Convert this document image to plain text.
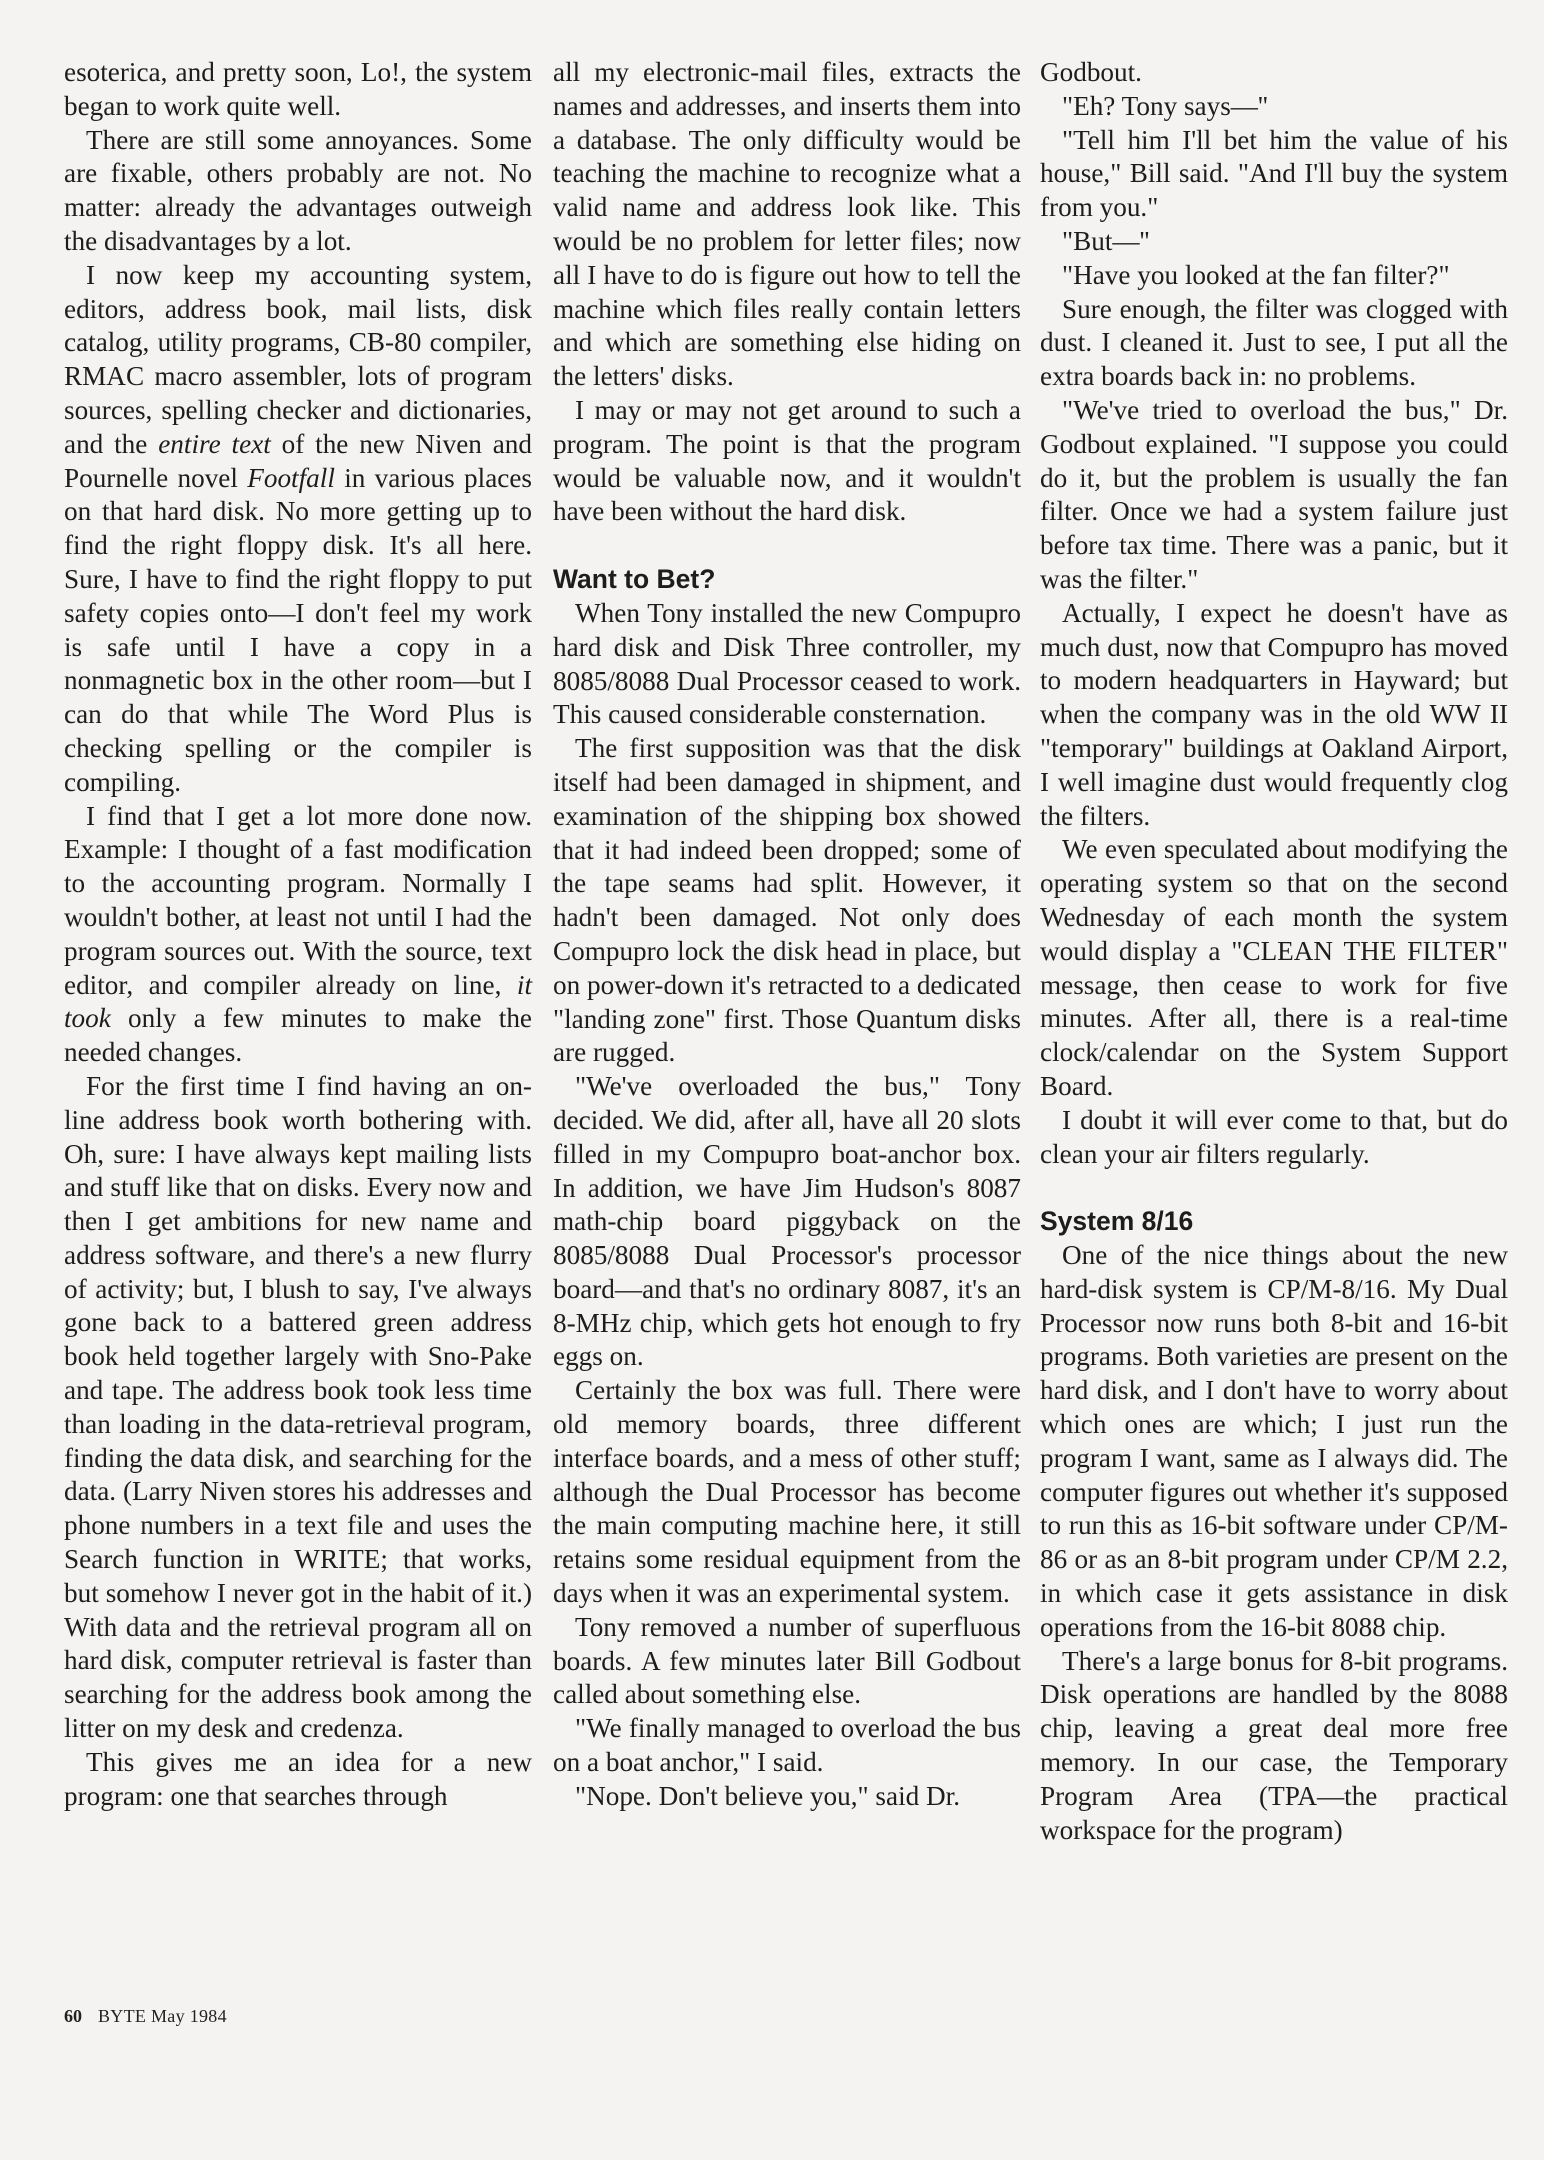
esoterica, and pretty soon, Lo!, the system began to work quite well.

There are still some annoyances. Some are fixable, others probably are not. No matter: already the advantages outweigh the disadvantages by a lot.

I now keep my accounting system, editors, address book, mail lists, disk catalog, utility programs, CB-80 compiler, RMAC macro assembler, lots of program sources, spelling checker and dictionaries, and the entire text of the new Niven and Pournelle novel Footfall in various places on that hard disk. No more getting up to find the right floppy disk. It's all here. Sure, I have to find the right floppy to put safety copies onto—I don't feel my work is safe until I have a copy in a nonmagnetic box in the other room—but I can do that while The Word Plus is checking spelling or the compiler is compiling.

I find that I get a lot more done now. Example: I thought of a fast modification to the accounting program. Normally I wouldn't bother, at least not until I had the program sources out. With the source, text editor, and compiler already on line, it took only a few minutes to make the needed changes.

For the first time I find having an on-line address book worth bothering with. Oh, sure: I have always kept mailing lists and stuff like that on disks. Every now and then I get ambitions for new name and address software, and there's a new flurry of activity; but, I blush to say, I've always gone back to a battered green address book held together largely with Sno-Pake and tape. The address book took less time than loading in the data-retrieval program, finding the data disk, and searching for the data. (Larry Niven stores his addresses and phone numbers in a text file and uses the Search function in WRITE; that works, but somehow I never got in the habit of it.) With data and the retrieval program all on hard disk, computer retrieval is faster than searching for the address book among the litter on my desk and credenza.

This gives me an idea for a new program: one that searches through

all my electronic-mail files, extracts the names and addresses, and inserts them into a database. The only difficulty would be teaching the machine to recognize what a valid name and address look like. This would be no problem for letter files; now all I have to do is figure out how to tell the machine which files really contain letters and which are something else hiding on the letters' disks.

I may or may not get around to such a program. The point is that the program would be valuable now, and it wouldn't have been without the hard disk.

Want to Bet?

When Tony installed the new Compupro hard disk and Disk Three controller, my 8085/8088 Dual Processor ceased to work. This caused considerable consternation.

The first supposition was that the disk itself had been damaged in shipment, and examination of the shipping box showed that it had indeed been dropped; some of the tape seams had split. However, it hadn't been damaged. Not only does Compupro lock the disk head in place, but on power-down it's retracted to a dedicated "landing zone" first. Those Quantum disks are rugged.

"We've overloaded the bus," Tony decided. We did, after all, have all 20 slots filled in my Compupro boat-anchor box. In addition, we have Jim Hudson's 8087 math-chip board piggyback on the 8085/8088 Dual Processor's processor board—and that's no ordinary 8087, it's an 8-MHz chip, which gets hot enough to fry eggs on.

Certainly the box was full. There were old memory boards, three different interface boards, and a mess of other stuff; although the Dual Processor has become the main computing machine here, it still retains some residual equipment from the days when it was an experimental system.

Tony removed a number of superfluous boards. A few minutes later Bill Godbout called about something else.

"We finally managed to overload the bus on a boat anchor," I said.

"Nope. Don't believe you," said Dr.

Godbout.

"Eh? Tony says—''

"Tell him I'll bet him the value of his house," Bill said. "And I'll buy the system from you."

"But—''

"Have you looked at the fan filter?"

Sure enough, the filter was clogged with dust. I cleaned it. Just to see, I put all the extra boards back in: no problems.

"We've tried to overload the bus," Dr. Godbout explained. "I suppose you could do it, but the problem is usually the fan filter. Once we had a system failure just before tax time. There was a panic, but it was the filter."

Actually, I expect he doesn't have as much dust, now that Compupro has moved to modern headquarters in Hayward; but when the company was in the old WW II "temporary" buildings at Oakland Airport, I well imagine dust would frequently clog the filters.

We even speculated about modifying the operating system so that on the second Wednesday of each month the system would display a "CLEAN THE FILTER" message, then cease to work for five minutes. After all, there is a real-time clock/calendar on the System Support Board.

I doubt it will ever come to that, but do clean your air filters regularly.

System 8/16

One of the nice things about the new hard-disk system is CP/M-8/16. My Dual Processor now runs both 8-bit and 16-bit programs. Both varieties are present on the hard disk, and I don't have to worry about which ones are which; I just run the program I want, same as I always did. The computer figures out whether it's supposed to run this as 16-bit software under CP/M-86 or as an 8-bit program under CP/M 2.2, in which case it gets assistance in disk operations from the 16-bit 8088 chip.

There's a large bonus for 8-bit programs. Disk operations are handled by the 8088 chip, leaving a great deal more free memory. In our case, the Temporary Program Area (TPA—the practical workspace for the program)

60 BYTE May 1984
